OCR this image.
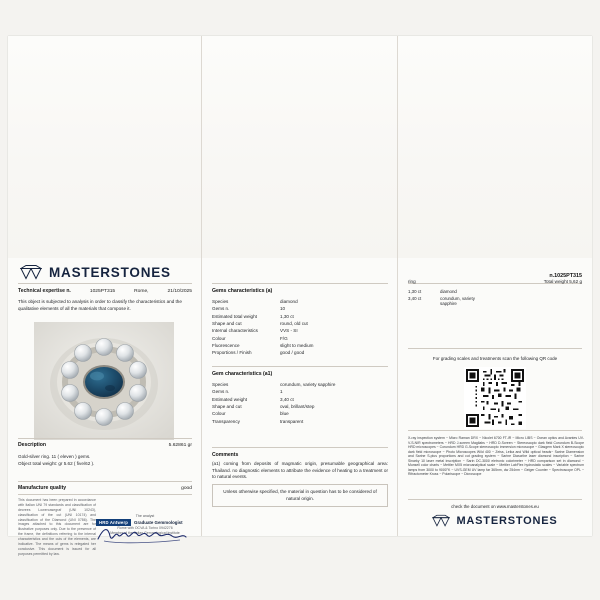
MASTERSTONES
Technical expertise n.	1025PT315	Rome,	21/10/2025
This object is subjected to analysis in order to classify the characteristics and the qualitative elements of all the materials that compose it.
Description	5.62861 gr
Gold-silver ring. 11 ( eleven ) gems.
Object total weight: gr 5.62 ( five/62 ).
Manufacture quality	good
This document has been prepared in accordance with Italian UNI 79 standards and classification of decrees Lowercasegraf (UNI 10243), classification of the cut (UNI 10174) and classification of the Diamond (UNI 0786). The images attached to this document are for illustrative purposes only. Due to the presence of the frame, the definitions referring to the internal characteristics and the cuts of the elements, are indicative. The means of gems is relegated her conclusive. This document is issued for all purposes permitted by law.
The analyst
HRD Antwerp	Graduate Gemmologist
Rome with OCVA & Torino 0942276
Member of the Italian Gemmological Institute
Gems characteristics (a)
Species	diamond
Gems n.	10
Estimated total weight	1,30 ct
Shape and cut	round, old cut
Internal characteristics	VVS - SI
Colour	F/G
Fluorescence	slight to medium
Proportions / Finish	good / good
Gem characteristics (a1)
Species	corundum, variety sapphire
Gems n.	1
Estimated weight	3,40 ct
Shape and cut	oval, brillant/step
Colour	blue
Transparency	transparent
Comments
(a1) coming from deposits of magmatic origin, presumable geographical area: Thailand. no diagnostic elements to attribute the evidence of heating to a treatment or to natural events.
Unless otherwise specified, the material in question has to be considered of natural origin.
n.1025PT315
ring	Total weight 5,62 g
1,30 ct	diamond
3,40 ct	corundum, variety sapphire
For grading scales and treatments scan the following QR code
X-ray inspection system ~ Micro Raman DRX ~ Nicolet 6700 FT-IR ~ Micro LIBS ~ Ocean optics and Avantes UV-V-S-NIR spectrometers ~ HRD J-screen Magilabs ~ HRD D-Screen ~ Stereoscopic dark field Corundum B-Scope HRD microscopes ~ Corundum HRD G-Scope stereoscopic immersion microscope ~ Glasgem Mark X stereoscopic dark field microscope ~ Photo Microscopes Wild 400 ~ Zeiss, Leika and Wild optical heads~ Sarine Diamension and Sarine S-plus proportions and cut grading system ~ Sarine Diascribe laser diamond inscription ~ Sarine Sinarky 10 laser metal inscription ~ Sarin DC-3000 eletronic colorimeter ~ HRD comparison set in diamond ~ Munsell color charts ~ Mettler MX5 microanalytical scale ~ Mettler LabFlex hydrostatic scales ~ Variable spectrum lamps from 3000 to 9000°K ~ UVS-GEM UV lamp far 365nm, dw 254nm ~ Geiger Counter ~ Spectroscope OPL ~ Rifractometer Kruss ~ Polariscope ~ Dicroscope
check the document on www.masterstones.eu
MASTERSTONES
